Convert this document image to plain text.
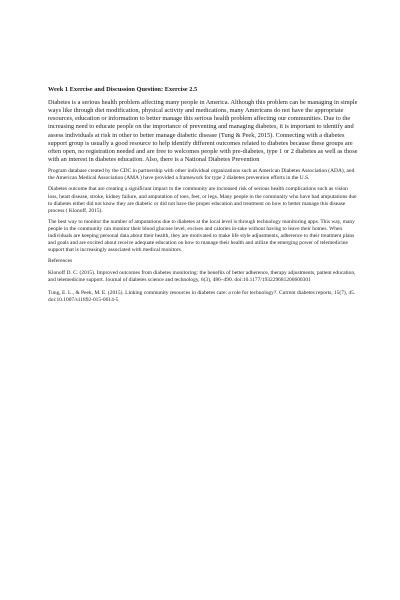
Week 1 Exercise and Discussion Question: Exercise 2.5

Diabetes is a serious health problem affecting many people in America. Although this problem can be managing in simple ways like through diet modification, physical activity and medications, many Americans do not have the appropriate resources, education or information to better manage this serious health problem affecting our communities. Due to the increasing need to educate people on the importance of preventing and managing diabetes, it is important to identify and assess individuals at risk in other to better manage diabetic disease (Tung & Peek, 2015). Connecting with a diabetes support group is usually a good resource to help identify different outcomes related to diabetes because these groups are often open, no registration needed and are free to welcomes people with pre-diabetes, type 1 or 2 diabetes as well as those with an interest in diabetes education. Also, there is a National Diabetes Prevention

Program database created by the CDC in partnership with other individual organizations such as American Diabetes Association (ADA), and the American Medical Association (AMA ) have provided a framework for type 2 diabetes prevention efforts in the U.S.

Diabetes outcome that are creating a significant impact to the community are increased risk of serious health complications such as vision loss, heart disease, stroke, kidney failure, and amputation of toes, feet, or legs. Many people in the community who have had amputations due to diabetes either did not know they are diabetic or did not have the proper education and treatment on how to better manage this disease process ( Klonoff, 2015).

The best way to monitor the number of amputations due to diabetes at the local level is through technology monitoring apps. This way, many people in the community can monitor their blood glucose level, excises and calories in-take without having to leave their homes. When individuals are keeping personal data about their health, they are motivated to make life style adjustments, adherence to their treatment plans and goals and are excited about receive adequate education on how to manage their health and utilize the emerging power of telemedicine support that is increasingly associated with medical monitors.

References

Klonoff D. C. (2015). Improved outcomes from diabetes monitoring: the benefits of better adherence, therapy adjustments, patient education, and telemedicine support. Journal of diabetes science and technology, 6(3), 486–490. doi:10.1177/193229681200600301

Tung, E. L., & Peek, M. E. (2015). Linking community resources in diabetes care: a role for technology?. Current diabetes reports, 15(7), 45. doi:10.1007/s11892-015-0614-5
